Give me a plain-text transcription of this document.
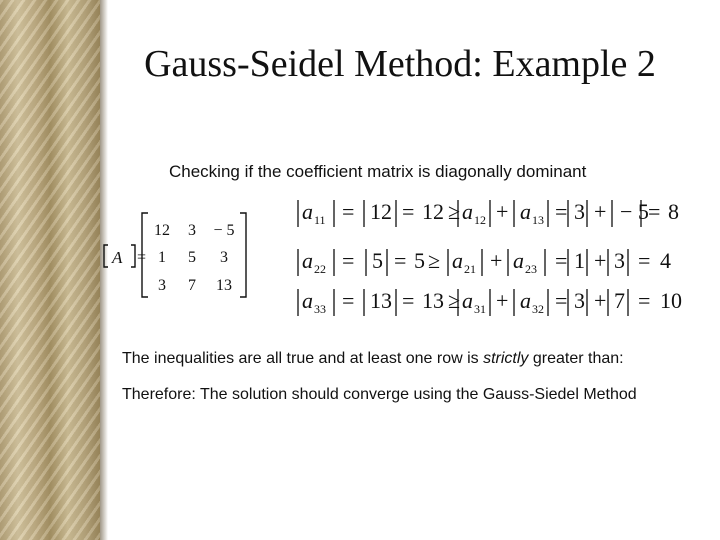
Gauss-Seidel Method: Example 2
Checking if the coefficient matrix is diagonally dominant
A =
12 3 − 5
1 5 3
3 7 13
a 11 = 12 = 12 ≥ a 12 + a 13 = 3 + − 5 = 8
a 22 = 5 = 5 ≥ a 21 + a 23 = 1 + 3 = 4
a 33 = 13 = 13 ≥ a 31 + a 32 = 3 + 7 = 10
The inequalities are all true and at least one row is strictly greater than:
Therefore: The solution should converge using the Gauss-Siedel Method
